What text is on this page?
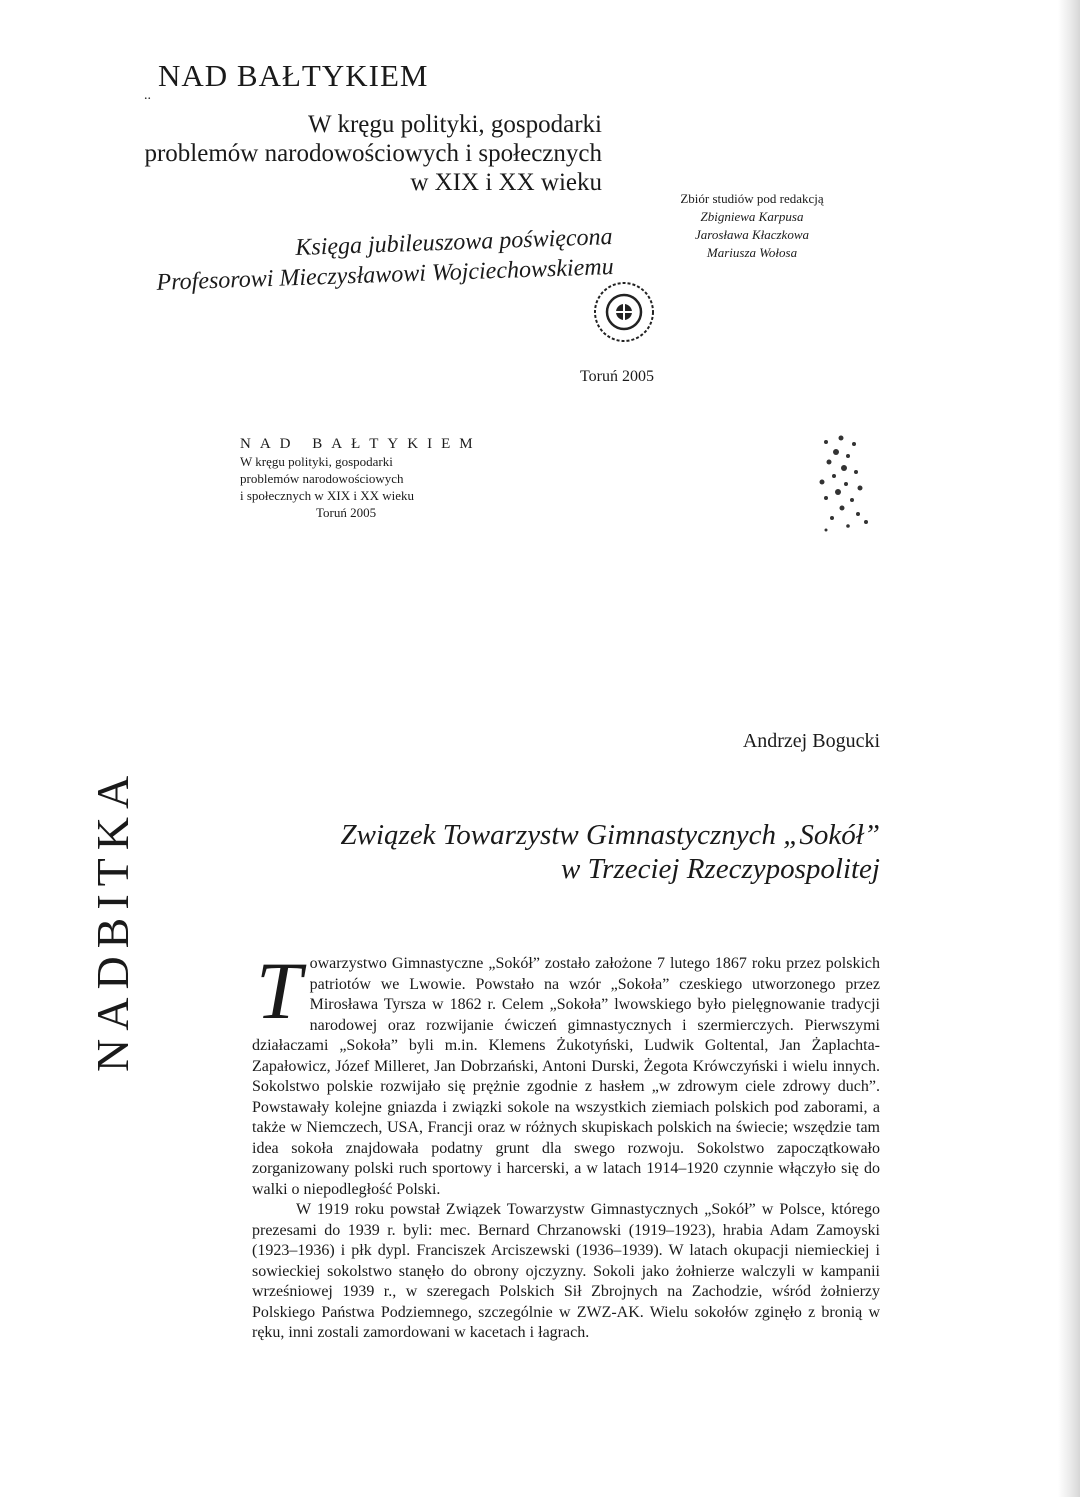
..
NAD BAŁTYKIEM
W kręgu polityki, gospodarki
problemów narodowościowych i społecznych
w XIX i XX wieku
Księga jubileuszowa poświęcona
Profesorowi Mieczysławowi Wojciechowskiemu
Zbiór studiów pod redakcją
Zbigniewa Karpusa
Jarosława Kłaczkowa
Mariusza Wołosa
Toruń 2005
NAD BAŁTYKIEM
W kręgu polityki, gospodarki
problemów narodowościowych
i społecznych w XIX i XX wieku
Toruń 2005
NADBITKA
Andrzej Bogucki
Związek Towarzystw Gimnastycznych „Sokół”
w Trzeciej Rzeczypospolitej

Towarzystwo Gimnastyczne „Sokół” zostało założone 7 lutego 1867 roku przez polskich patriotów we Lwowie. Powstało na wzór „Sokoła” czeskiego utworzonego przez Mirosława Tyrsza w 1862 r. Celem „Sokoła” lwowskiego było pielęgnowanie tradycji narodowej oraz rozwijanie ćwiczeń gimnastycznych i szermierczych. Pierwszymi działaczami „Sokoła” byli m.in. Klemens Żukotyński, Ludwik Goltental, Jan Żaplachta-Zapałowicz, Józef Milleret, Jan Dobrzański, Antoni Durski, Żegota Krówczyński i wielu innych. Sokolstwo polskie rozwijało się prężnie zgodnie z hasłem „w zdrowym ciele zdrowy duch”. Powstawały kolejne gniazda i związki sokole na wszystkich ziemiach polskich pod zaborami, a także w Niemczech, USA, Francji oraz w różnych skupiskach polskich na świecie; wszędzie tam idea sokoła znajdowała podatny grunt dla swego rozwoju. Sokolstwo zapoczątkowało zorganizowany polski ruch sportowy i harcerski, a w latach 1914–1920 czynnie włączyło się do walki o niepodległość Polski.

W 1919 roku powstał Związek Towarzystw Gimnastycznych „Sokół” w Polsce, którego prezesami do 1939 r. byli: mec. Bernard Chrzanowski (1919–1923), hrabia Adam Zamoyski (1923–1936) i płk dypl. Franciszek Arciszewski (1936–1939). W latach okupacji niemieckiej i sowieckiej sokolstwo stanęło do obrony ojczyzny. Sokoli jako żołnierze walczyli w kampanii wrześniowej 1939 r., w szeregach Polskich Sił Zbrojnych na Zachodzie, wśród żołnierzy Polskiego Państwa Podziemnego, szczególnie w ZWZ-AK. Wielu sokołów zginęło z bronią w ręku, inni zostali zamordowani w kacetach i łagrach.
